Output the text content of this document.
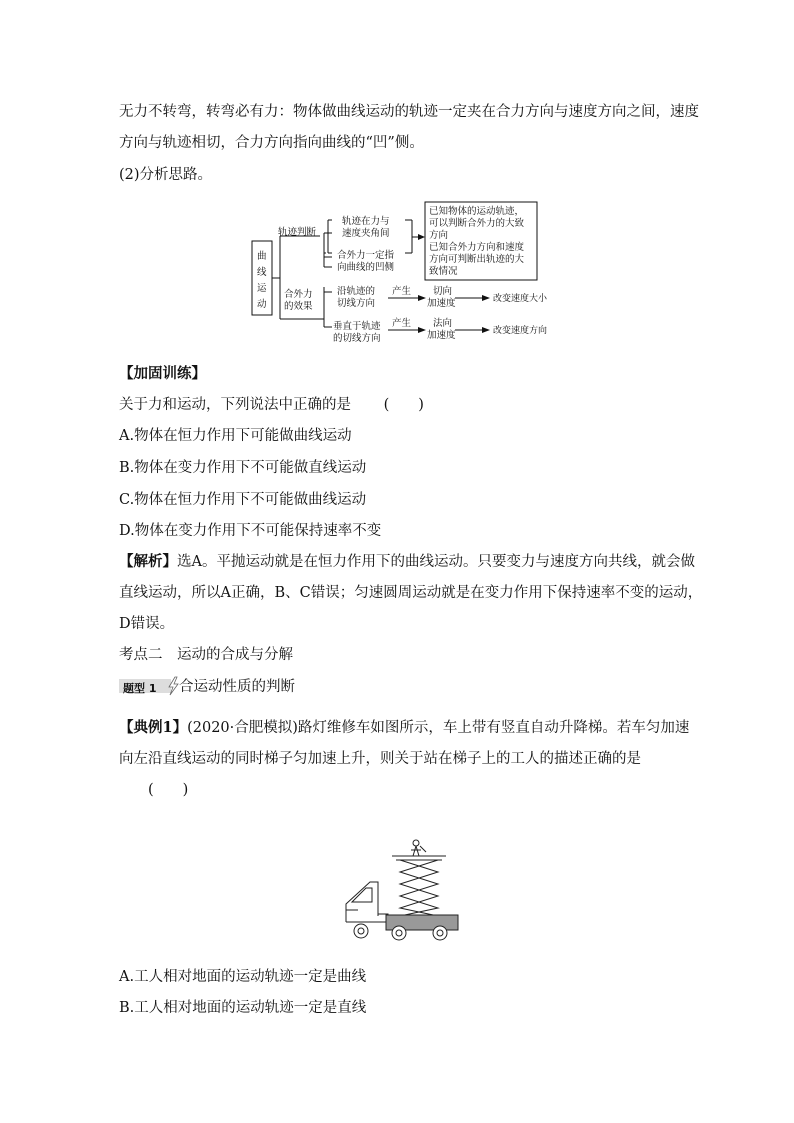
无力不转弯，转弯必有力：物体做曲线运动的轨迹一定夹在合力方向与速度方向之间，速度
方向与轨迹相切，合力方向指向曲线的“凹”侧。
(2)分析思路。
曲
线
运
动
轨迹判断
合外力
的效果
轨迹在力与
速度夹角间
合外力一定指
向曲线的凹侧
已知物体的运动轨迹，
可以判断合外力的大致
方向
已知合外力方向和速度
方向可判断出轨迹的大
致情况
沿轨迹的
切线方向
产生 切向
加速度	改变速度大小
垂直于轨迹
的切线方向
产生 法向
加速度	改变速度方向
【加固训练】
关于力和运动，下列说法中正确的是 (　　)
A.物体在恒力作用下可能做曲线运动
B.物体在变力作用下不可能做直线运动
C.物体在恒力作用下不可能做曲线运动
D.物体在变力作用下不可能保持速率不变
【解析】选A。平抛运动就是在恒力作用下的曲线运动。只要变力与速度方向共线，就会做
直线运动，所以A正确，B、C错误；匀速圆周运动就是在变力作用下保持速率不变的运动，
D错误。
考点二　运动的合成与分解
题型 1 合运动性质的判断
【典例1】(2020·合肥模拟)路灯维修车如图所示，车上带有竖直自动升降梯。若车匀加速
向左沿直线运动的同时梯子匀加速上升，则关于站在梯子上的工人的描述正确的是
(　　)
A.工人相对地面的运动轨迹一定是曲线
B.工人相对地面的运动轨迹一定是直线
